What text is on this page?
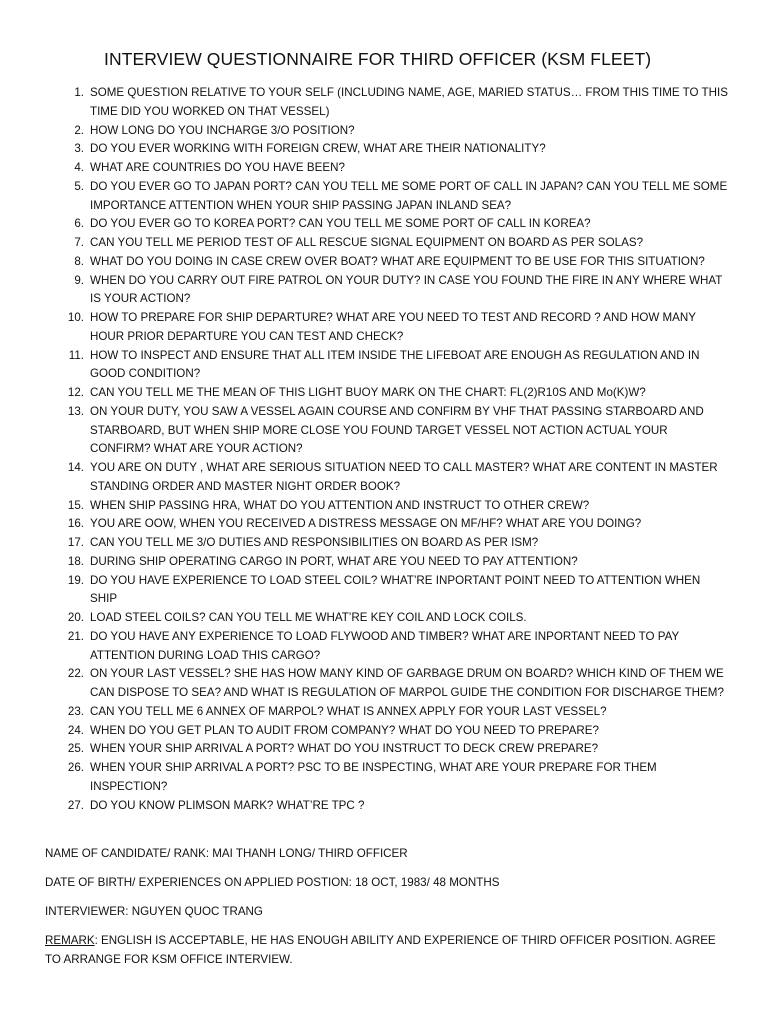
INTERVIEW QUESTIONNAIRE FOR THIRD OFFICER (KSM FLEET)
1. SOME QUESTION RELATIVE TO YOUR SELF (INCLUDING NAME, AGE, MARIED STATUS… FROM THIS TIME TO THIS TIME DID YOU WORKED ON THAT VESSEL)
2. HOW LONG DO YOU INCHARGE 3/O POSITION?
3. DO YOU EVER WORKING WITH FOREIGN CREW, WHAT ARE THEIR NATIONALITY?
4. WHAT ARE COUNTRIES DO YOU HAVE BEEN?
5. DO YOU EVER GO TO JAPAN PORT? CAN YOU TELL ME SOME PORT OF CALL IN JAPAN? CAN YOU TELL ME SOME IMPORTANCE ATTENTION WHEN YOUR SHIP PASSING JAPAN INLAND SEA?
6. DO YOU EVER GO TO KOREA PORT? CAN YOU TELL ME SOME PORT OF CALL IN KOREA?
7. CAN YOU TELL ME PERIOD TEST OF ALL RESCUE SIGNAL EQUIPMENT ON BOARD AS PER SOLAS?
8. WHAT DO YOU DOING IN CASE CREW OVER BOAT? WHAT ARE EQUIPMENT TO BE USE FOR THIS SITUATION?
9. WHEN DO YOU CARRY OUT FIRE PATROL ON YOUR DUTY? IN CASE YOU FOUND THE FIRE IN ANY WHERE WHAT IS YOUR ACTION?
10. HOW TO PREPARE FOR SHIP DEPARTURE? WHAT ARE YOU NEED TO TEST AND RECORD ? AND HOW MANY HOUR PRIOR DEPARTURE YOU CAN TEST AND CHECK?
11. HOW TO INSPECT AND ENSURE THAT ALL ITEM INSIDE THE LIFEBOAT ARE ENOUGH AS REGULATION AND IN GOOD CONDITION?
12. CAN YOU TELL ME THE MEAN OF THIS LIGHT BUOY MARK ON THE CHART: FL(2)R10S AND Mo(K)W?
13. ON YOUR DUTY, YOU SAW A VESSEL AGAIN COURSE AND CONFIRM BY VHF THAT PASSING STARBOARD AND STARBOARD, BUT WHEN SHIP MORE CLOSE YOU FOUND TARGET VESSEL NOT ACTION ACTUAL YOUR CONFIRM? WHAT ARE YOUR ACTION?
14. YOU ARE ON DUTY , WHAT ARE SERIOUS SITUATION NEED TO CALL MASTER? WHAT ARE CONTENT IN MASTER STANDING ORDER AND MASTER NIGHT ORDER BOOK?
15. WHEN SHIP PASSING HRA, WHAT DO YOU ATTENTION AND INSTRUCT TO OTHER CREW?
16. YOU ARE OOW, WHEN YOU RECEIVED A DISTRESS MESSAGE ON MF/HF? WHAT ARE YOU DOING?
17. CAN YOU TELL ME 3/O DUTIES AND RESPONSIBILITIES ON BOARD AS PER ISM?
18. DURING SHIP OPERATING CARGO IN PORT, WHAT ARE YOU NEED TO PAY ATTENTION?
19. DO YOU HAVE EXPERIENCE TO LOAD STEEL COIL? WHAT’RE INPORTANT POINT NEED TO ATTENTION WHEN SHIP
20. LOAD STEEL COILS? CAN YOU TELL ME WHAT’RE KEY COIL AND LOCK COILS.
21. DO YOU HAVE ANY EXPERIENCE TO LOAD FLYWOOD AND TIMBER? WHAT ARE INPORTANT NEED TO PAY ATTENTION DURING LOAD THIS CARGO?
22. ON YOUR LAST VESSEL? SHE HAS HOW MANY KIND OF GARBAGE DRUM ON BOARD? WHICH KIND OF THEM WE CAN DISPOSE TO SEA? AND WHAT IS REGULATION OF MARPOL GUIDE THE CONDITION FOR DISCHARGE THEM?
23. CAN YOU TELL ME 6 ANNEX OF MARPOL? WHAT IS ANNEX APPLY FOR YOUR LAST VESSEL?
24. WHEN DO YOU GET PLAN TO AUDIT FROM COMPANY? WHAT DO YOU NEED TO PREPARE?
25. WHEN YOUR SHIP ARRIVAL A PORT? WHAT DO YOU INSTRUCT TO DECK CREW PREPARE?
26. WHEN YOUR SHIP ARRIVAL A PORT? PSC TO BE INSPECTING, WHAT ARE YOUR PREPARE FOR THEM INSPECTION?
27. DO YOU KNOW PLIMSON MARK? WHAT’RE TPC ?

NAME OF CANDIDATE/ RANK: MAI THANH LONG/ THIRD OFFICER

DATE OF BIRTH/ EXPERIENCES ON APPLIED POSTION: 18 OCT, 1983/ 48 MONTHS

INTERVIEWER: NGUYEN QUOC TRANG

REMARK: ENGLISH IS ACCEPTABLE, HE HAS ENOUGH ABILITY AND EXPERIENCE OF THIRD OFFICER POSITION. AGREE TO ARRANGE FOR KSM OFFICE INTERVIEW.
